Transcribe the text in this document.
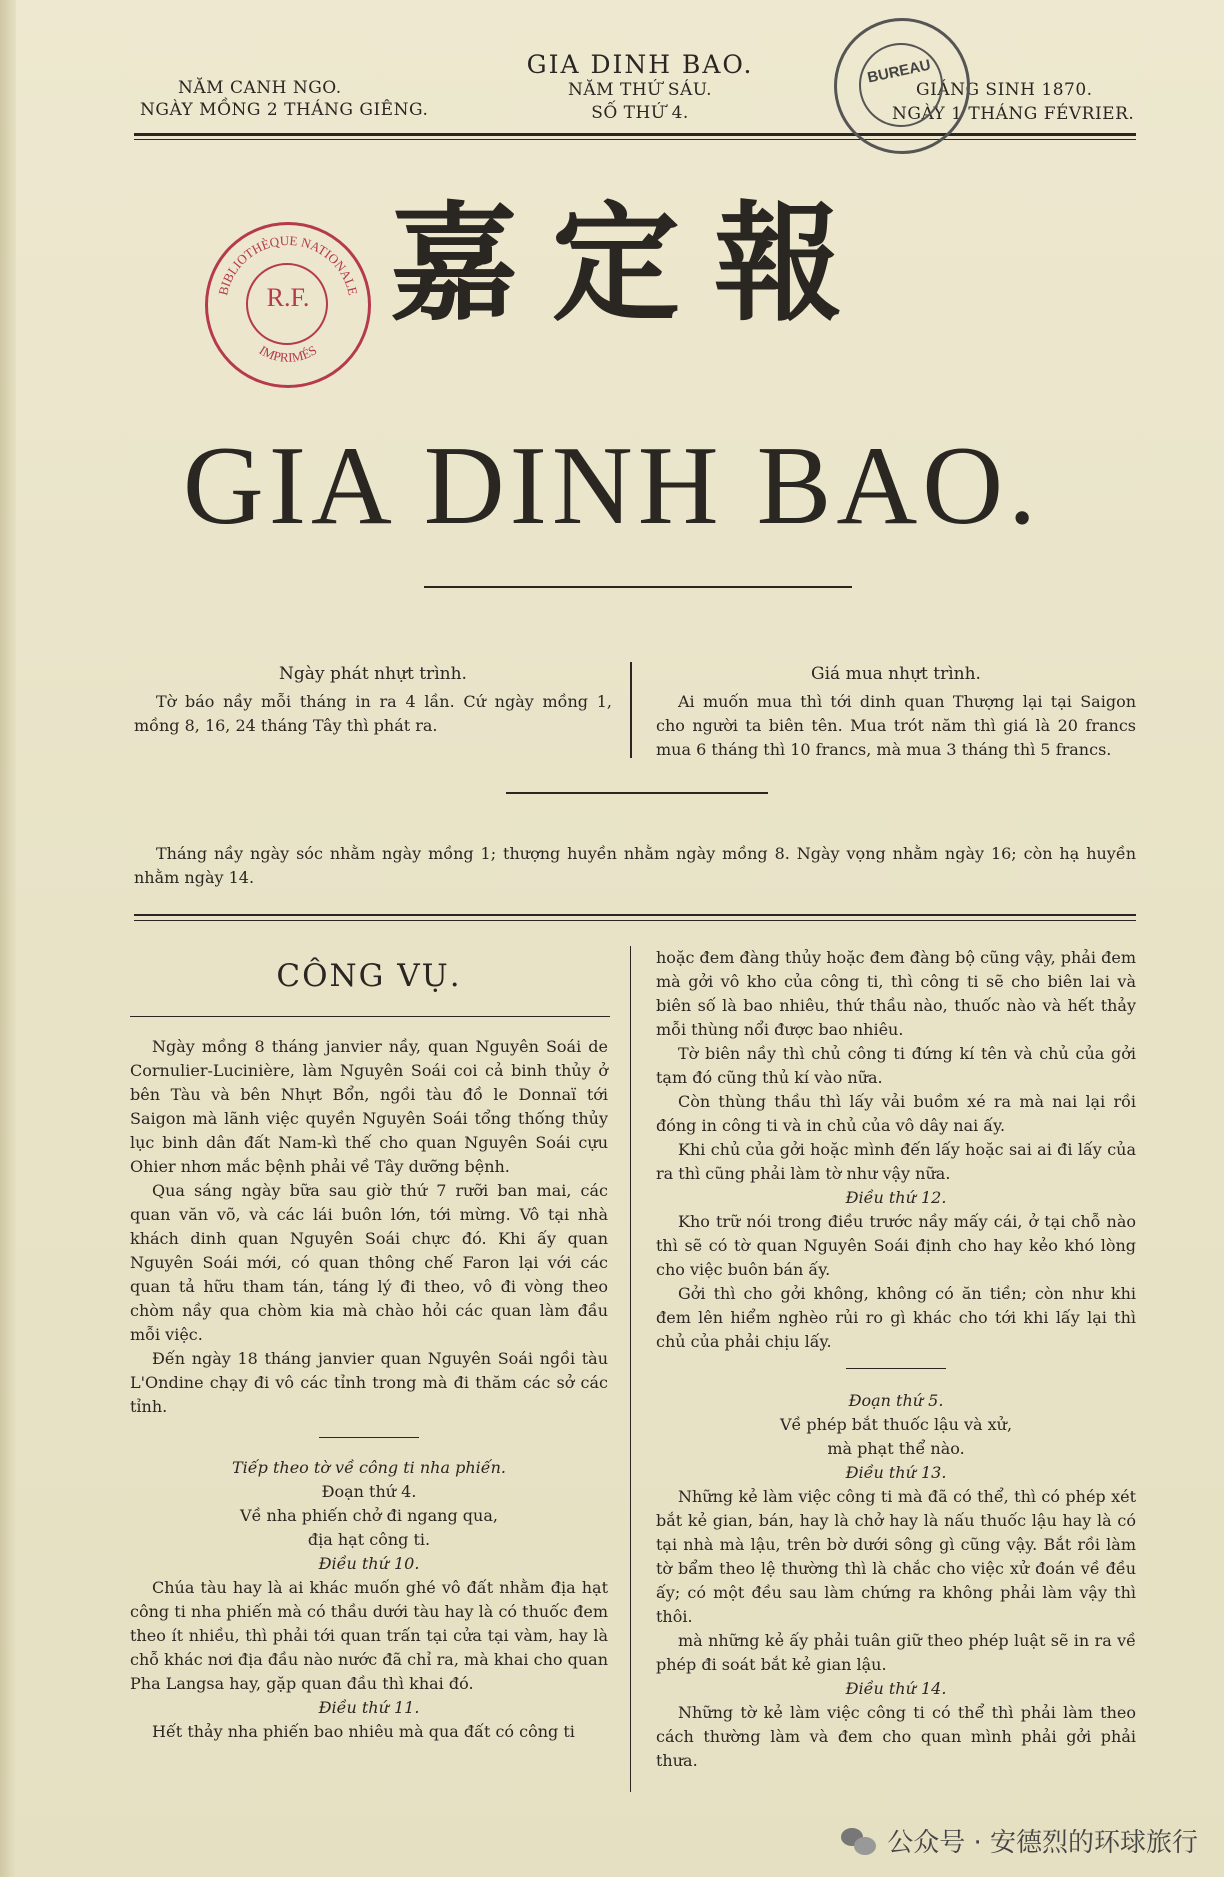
NĂM CANH NGO.
NGÀY MỒNG 2 THÁNG GIÊNG.
GIA DINH BAO.
NĂM THỨ SÁU.
SỐ THỨ 4.
GIÁNG SINH 1870.
NGÀY 1 THÁNG FÉVRIER.
BUREAU
BIBLIOTHÈQUE NATIONALE
IMPRIMÉS
R.F. 嘉定報
GIA DINH BAO.
Ngày phát nhựt trình.

Tờ báo nầy mỗi tháng in ra 4 lần. Cứ ngày mồng 1, mồng 8, 16, 24 tháng Tây thì phát ra.

Giá mua nhựt trình.

Ai muốn mua thì tới dinh quan Thượng lại tại Saigon cho người ta biên tên. Mua trót năm thì giá là 20 francs mua 6 tháng thì 10 francs, mà mua 3 tháng thì 5 francs.

Tháng nầy ngày sóc nhằm ngày mồng 1; thượng huyền nhằm ngày mồng 8. Ngày vọng nhằm ngày 16; còn hạ huyền nhằm ngày 14.

CÔNG VỤ.

Ngày mồng 8 tháng janvier nầy, quan Nguyên Soái de Cornulier-Lucinière, làm Nguyên Soái coi cả binh thủy ở bên Tàu và bên Nhựt Bổn, ngồi tàu đồ le Donnaï tới Saigon mà lãnh việc quyền Nguyên Soái tổng thống thủy lục binh dân đất Nam-kì thế cho quan Nguyên Soái cựu Ohier nhơn mắc bệnh phải về Tây dưỡng bệnh.

Qua sáng ngày bữa sau giờ thứ 7 rưỡi ban mai, các quan văn võ, và các lái buôn lớn, tới mừng. Vô tại nhà khách dinh quan Nguyên Soái chực đó. Khi ấy quan Nguyên Soái mới, có quan thông chế Faron lại với các quan tả hữu tham tán, táng lý đi theo, vô đi vòng theo chòm nầy qua chòm kia mà chào hỏi các quan làm đầu mỗi việc.

Đến ngày 18 tháng janvier quan Nguyên Soái ngồi tàu L'Ondine chạy đi vô các tỉnh trong mà đi thăm các sở các tỉnh.

Tiếp theo tờ về công ti nha phiến.
Đoạn thứ 4.
Về nha phiến chở đi ngang qua,
địa hạt công ti.
Điều thứ 10.

Chúa tàu hay là ai khác muốn ghé vô đất nhằm địa hạt công ti nha phiến mà có thầu dưới tàu hay là có thuốc đem theo ít nhiều, thì phải tới quan trấn tại cửa tại vàm, hay là chỗ khác nơi địa đầu nào nước đã chỉ ra, mà khai cho quan Pha Langsa hay, gặp quan đầu thì khai đó.

Điều thứ 11.

Hết thảy nha phiến bao nhiêu mà qua đất có công ti

hoặc đem đàng thủy hoặc đem đàng bộ cũng vậy, phải đem mà gởi vô kho của công ti, thì công ti sẽ cho biên lai và biên số là bao nhiêu, thứ thầu nào, thuốc nào và hết thảy mỗi thùng nổi được bao nhiêu.

Tờ biên nầy thì chủ công ti đứng kí tên và chủ của gởi tạm đó cũng thủ kí vào nữa.

Còn thùng thầu thì lấy vải buồm xé ra mà nai lại rồi đóng in công ti và in chủ của vô dây nai ấy.

Khi chủ của gởi hoặc mình đến lấy hoặc sai ai đi lấy của ra thì cũng phải làm tờ như vậy nữa.

Điều thứ 12.

Kho trữ nói trong điều trước nầy mấy cái, ở tại chỗ nào thì sẽ có tờ quan Nguyên Soái định cho hay kẻo khó lòng cho việc buôn bán ấy.

Gởi thì cho gởi không, không có ăn tiền; còn như khi đem lên hiểm nghèo rủi ro gì khác cho tới khi lấy lại thì chủ của phải chịu lấy.

Đoạn thứ 5.
Về phép bắt thuốc lậu và xử,
mà phạt thể nào.
Điều thứ 13.

Những kẻ làm việc công ti mà đã có thể, thì có phép xét bắt kẻ gian, bán, hay là chở hay là nấu thuốc lậu hay là có tại nhà mà lậu, trên bờ dưới sông gì cũng vậy. Bắt rồi làm tờ bẩm theo lệ thường thì là chắc cho việc xử đoán về đều ấy; có một đều sau làm chứng ra không phải làm vậy thì thôi.

mà những kẻ ấy phải tuân giữ theo phép luật sẽ in ra về phép đi soát bắt kẻ gian lậu.

Điều thứ 14.

Những tờ kẻ làm việc công ti có thể thì phải làm theo cách thường làm và đem cho quan mình phải gởi phải thưa.

公众号 · 安德烈的环球旅行
